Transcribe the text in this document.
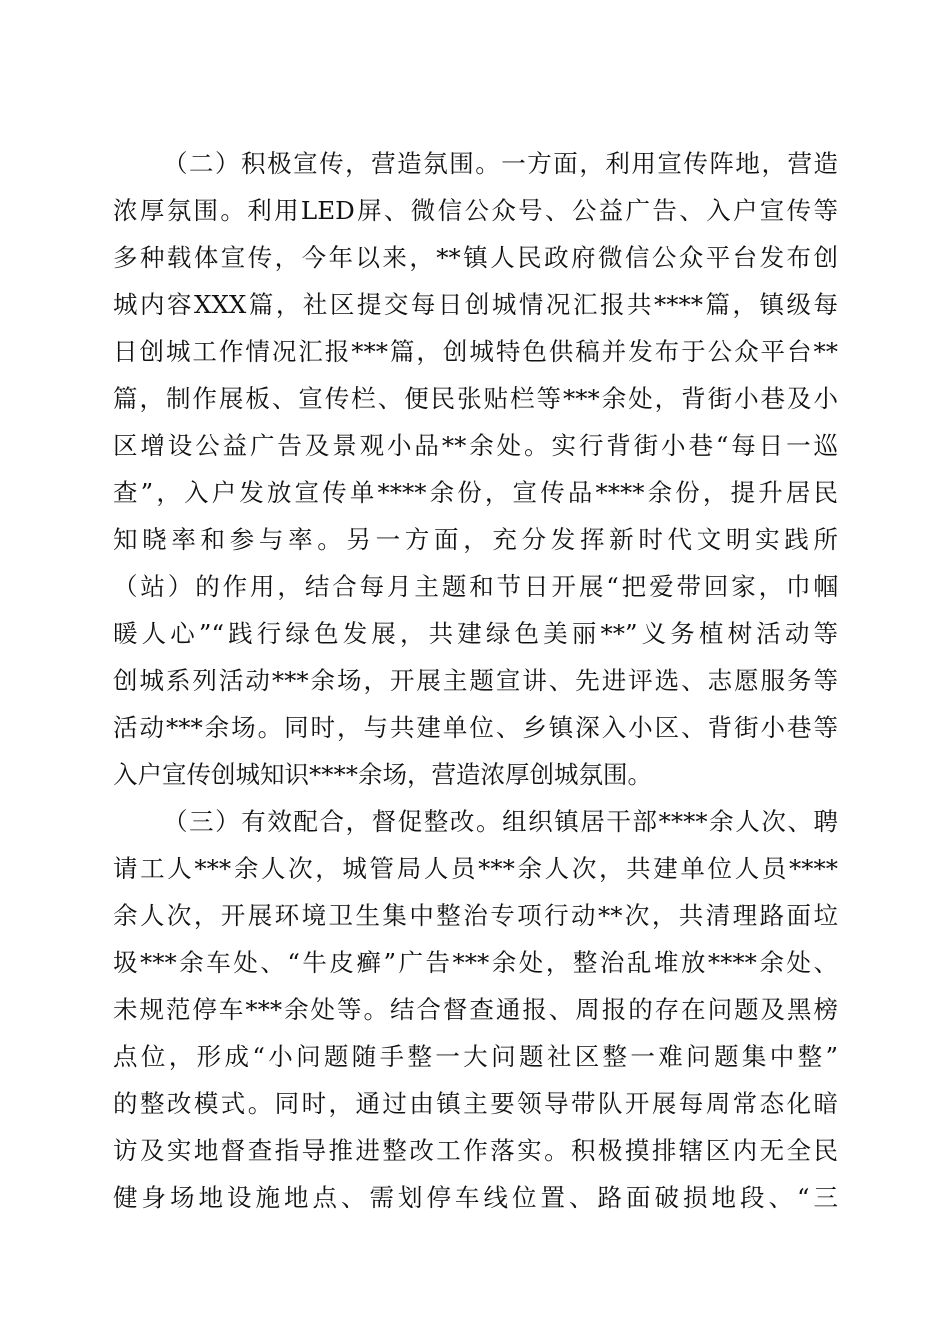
（二）积极宣传，营造氛围。一方面，利用宣传阵地，营造
浓厚氛围。利用LED屏、微信公众号、公益广告、入户宣传等
多种载体宣传，今年以来，**镇人民政府微信公众平台发布创
城内容XXX篇，社区提交每日创城情况汇报共****篇，镇级每
日创城工作情况汇报***篇，创城特色供稿并发布于公众平台**
篇，制作展板、宣传栏、便民张贴栏等***余处，背街小巷及小
区增设公益广告及景观小品**余处。实行背街小巷“每日一巡
查”，入户发放宣传单****余份，宣传品****余份，提升居民
知晓率和参与率。另一方面，充分发挥新时代文明实践所
（站）的作用，结合每月主题和节日开展“把爱带回家，巾帼
暖人心”“践行绿色发展，共建绿色美丽**”义务植树活动等
创城系列活动***余场，开展主题宣讲、先进评选、志愿服务等
活动***余场。同时，与共建单位、乡镇深入小区、背街小巷等
入户宣传创城知识****余场，营造浓厚创城氛围。
（三）有效配合，督促整改。组织镇居干部****余人次、聘
请工人***余人次，城管局人员***余人次，共建单位人员****
余人次，开展环境卫生集中整治专项行动**次，共清理路面垃
圾***余车处、“牛皮癣”广告***余处，整治乱堆放****余处、
未规范停车***余处等。结合督查通报、周报的存在问题及黑榜
点位，形成“小问题随手整一大问题社区整一难问题集中整”
的整改模式。同时，通过由镇主要领导带队开展每周常态化暗
访及实地督查指导推进整改工作落实。积极摸排辖区内无全民
健身场地设施地点、需划停车线位置、路面破损地段、“三
